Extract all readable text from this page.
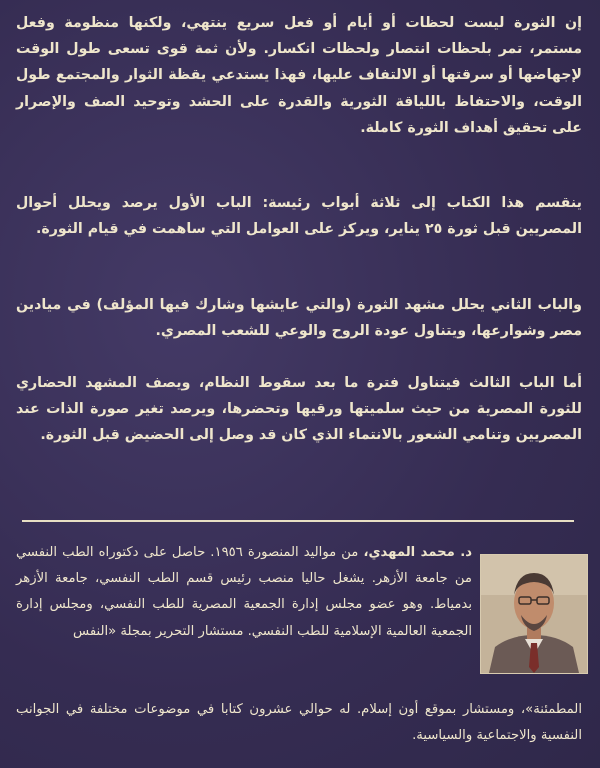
إن الثورة ليست لحظات أو أيام أو فعل سريع ينتهي، ولكنها منظومة وفعل مستمر، تمر بلحظات انتصار ولحظات انكسار. ولأن ثمة قوى تسعى طول الوقت لإجهاضها أو سرقتها أو الالتفاف عليها، فهذا يستدعي يقظة الثوار والمجتمع طول الوقت، والاحتفاظ باللياقة الثورية والقدرة على الحشد وتوحيد الصف والإصرار على تحقيق أهداف الثورة كاملة.

ينقسم هذا الكتاب إلى ثلاثة أبواب رئيسة: الباب الأول يرصد ويحلل أحوال المصريين قبل ثورة ٢٥ يناير، ويركز على العوامل التي ساهمت في قيام الثورة.

والباب الثاني يحلل مشهد الثورة (والتي عايشها وشارك فيها المؤلف) في ميادين مصر وشوارعها، ويتناول عودة الروح والوعي للشعب المصري.

أما الباب الثالث فيتناول فترة ما بعد سقوط النظام، ويصف المشهد الحضاري للثورة المصرية من حيث سلميتها ورقيها وتحضرها، ويرصد تغير صورة الذات عند المصريين وتنامي الشعور بالانتماء الذي كان قد وصل إلى الحضيض قبل الثورة.

د. محمد المهدي، من مواليد المنصورة ١٩٥٦. حاصل على دكتوراه الطب النفسي من جامعة الأزهر. يشغل حاليا منصب رئيس قسم الطب النفسي، جامعة الأزهر بدمياط. وهو عضو مجلس إدارة الجمعية المصرية للطب النفسي، ومجلس إدارة الجمعية العالمية الإسلامية للطب النفسي. مستشار التحرير بمجلة «النفس

المطمئنة»، ومستشار بموقع أون إسلام. له حوالي عشرون كتابا في موضوعات مختلفة في الجوانب النفسية والاجتماعية والسياسية.
